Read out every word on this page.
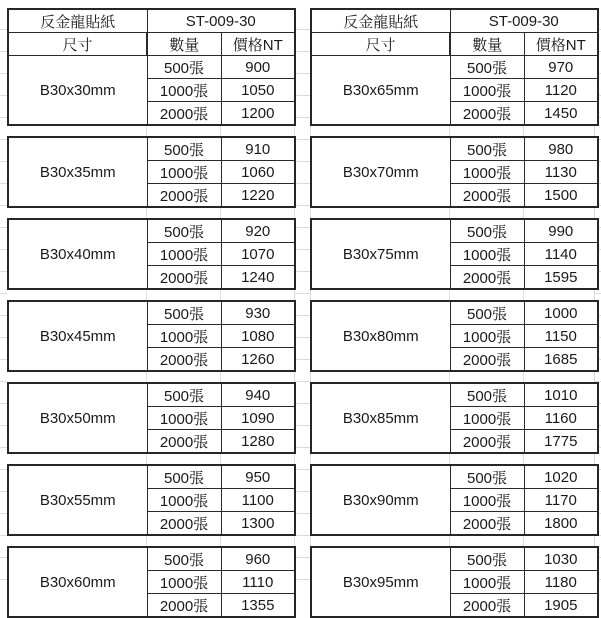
反金龍貼紙	ST-009-30	
尺寸	數量	價格NT
B30x30mm	500張	900
	1000張	1050
	2000張	1200
B30x35mm	500張	910
	1000張	1060
	2000張	1220
B30x40mm	500張	920
	1000張	1070
	2000張	1240
B30x45mm	500張	930
	1000張	1080
	2000張	1260
B30x50mm	500張	940
	1000張	1090
	2000張	1280
B30x55mm	500張	950
	1000張	1100
	2000張	1300
B30x60mm	500張	960
	1000張	1110
	2000張	1355
反金龍貼紙	ST-009-30	
尺寸	數量	價格NT
B30x65mm	500張	970
	1000張	1120
	2000張	1450
B30x70mm	500張	980
	1000張	1130
	2000張	1500
B30x75mm	500張	990
	1000張	1140
	2000張	1595
B30x80mm	500張	1000
	1000張	1150
	2000張	1685
B30x85mm	500張	1010
	1000張	1160
	2000張	1775
B30x90mm	500張	1020
	1000張	1170
	2000張	1800
B30x95mm	500張	1030
	1000張	1180
	2000張	1905
